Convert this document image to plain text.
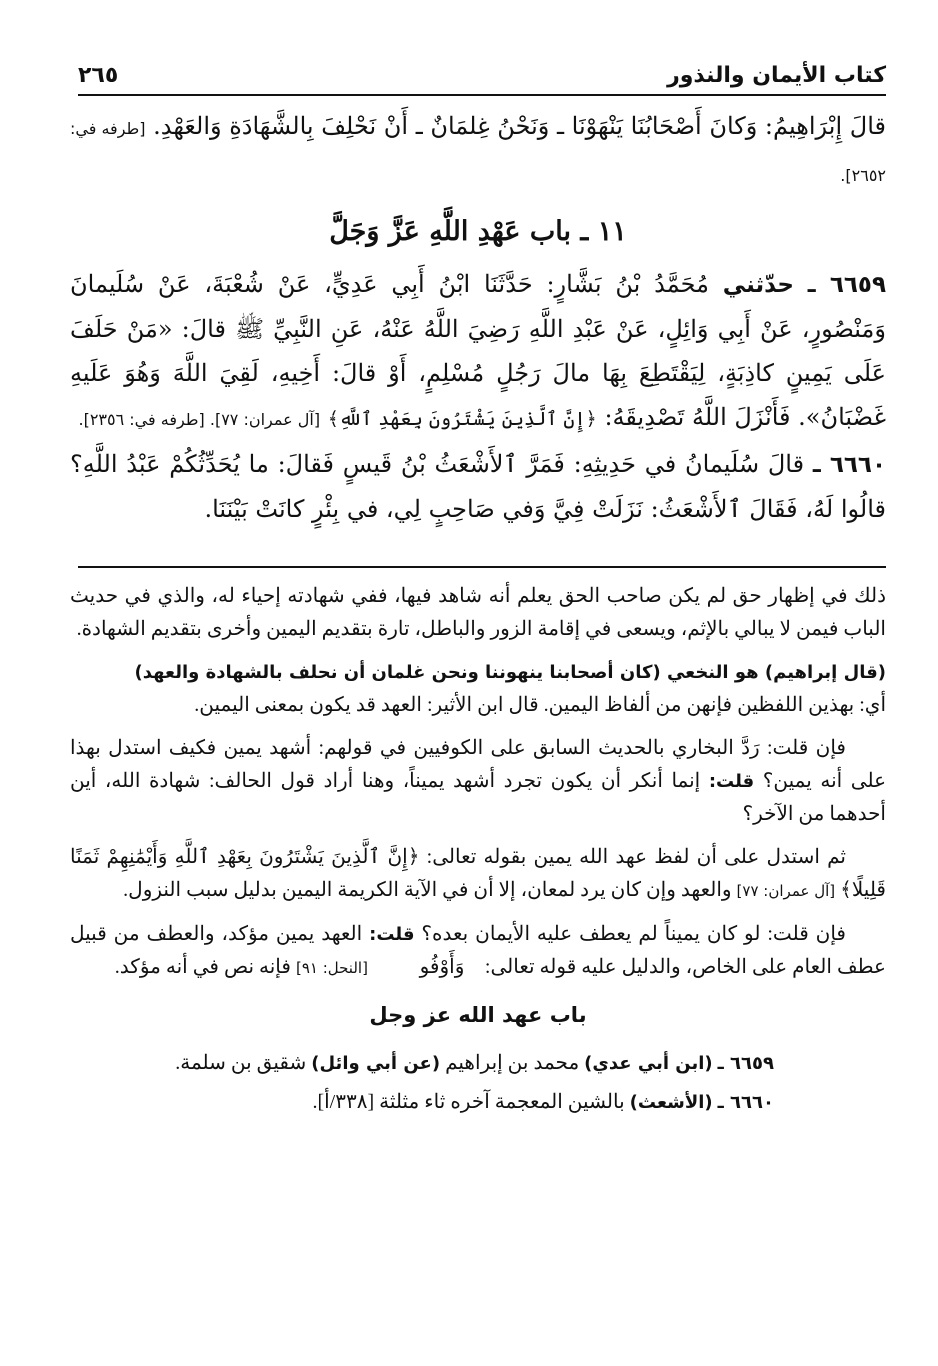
كتاب الأيمان والنذور
٢٦٥

قالَ إِبْرَاهِيمُ: وَكانَ أَصْحَابُنَا يَنْهَوْنَا ـ وَنَحْنُ غِلمَانٌ ـ أَنْ نَحْلِفَ بِالشَّهَادَةِ وَالعَهْدِ. [طرفه في: ٢٦٥٢].

١١ ـ باب عَهْدِ اللَّهِ عَزَّ وَجَلَّ

٦٦٥٩ ـ حدّثني مُحَمَّدُ بْنُ بَشَّارٍ: حَدَّثَنَا ابْنُ أَبِي عَدِيٍّ، عَنْ شُعْبَةَ، عَنْ سُلَيمانَ وَمَنْصُورٍ، عَنْ أَبِي وَائِلٍ، عَنْ عَبْدِ اللَّهِ رَضِيَ اللَّهُ عَنْهُ، عَنِ النَّبِيِّ ﷺ قالَ: «مَنْ حَلَفَ عَلَى يَمِينٍ كاذِبَةٍ، لِيَقْتَطِعَ بِهَا مالَ رَجُلٍ مُسْلِمٍ، أَوْ قالَ: أَخِيهِ، لَقِيَ اللَّهَ وَهُوَ عَلَيهِ غَضْبَانُ». فَأَنْزَلَ اللَّهُ تَصْدِيقَهُ: ﴿إِنَّ ٱلَّذِينَ يَشْتَرُونَ بِعَهْدِ ٱللَّهِ﴾ [آل عمران: ٧٧]. [طرفه في: ٢٣٥٦].

٦٦٦٠ ـ قالَ سُلَيمانُ في حَدِيثِهِ: فَمَرَّ ٱلأَشْعَثُ بْنُ قَيسٍ فَقالَ: ما يُحَدِّثُكُمْ عَبْدُ اللَّهِ؟ قالُوا لَهُ، فَقَالَ ٱلأَشْعَثُ: نَزَلَتْ فِيَّ وَفي صَاحِبٍ لِي، في بِئْرٍ كانَتْ بَيْنَنَا.

ذلك في إظهار حق لم يكن صاحب الحق يعلم أنه شاهد فيها، ففي شهادته إحياء له، والذي في حديث الباب فيمن لا يبالي بالإثم، ويسعى في إقامة الزور والباطل، تارة بتقديم اليمين وأخرى بتقديم الشهادة.

(قال إبراهيم) هو النخعي (كان أصحابنا ينهوننا ونحن غلمان أن نحلف بالشهادة والعهد)
أي: بهذين اللفظين فإنهن من ألفاظ اليمين. قال ابن الأثير: العهد قد يكون بمعنى اليمين.

فإن قلت: رَدَّ البخاري بالحديث السابق على الكوفيين في قولهم: أشهد يمين فكيف استدل بهذا على أنه يمين؟ قلت: إنما أنكر أن يكون تجرد أشهد يميناً، وهنا أراد قول الحالف: شهادة الله، أين أحدهما من الآخر؟

ثم استدل على أن لفظ عهد الله يمين بقوله تعالى: ﴿إِنَّ ٱلَّذِينَ يَشْتَرُونَ بِعَهْدِ ٱللَّهِ وَأَيْمَٰنِهِمْ ثَمَنًا قَلِيلًا﴾ [آل عمران: ٧٧] والعهد وإن كان يرد لمعان، إلا أن في الآية الكريمة اليمين بدليل سبب النزول.

فإن قلت: لو كان يميناً لم يعطف عليه الأيمان بعده؟ قلت: العهد يمين مؤكد، والعطف من قبيل عطف العام على الخاص، والدليل عليه قوله تعالى: ﴿وَأَوْفُوا۟﴾ [النحل: ٩١] فإنه نص في أنه مؤكد.

باب عهد الله عز وجل

٦٦٥٩ ـ (ابن أبي عدي) محمد بن إبراهيم (عن أبي وائل) شقيق بن سلمة.

٦٦٦٠ ـ (الأشعث) بالشين المعجمة آخره ثاء مثلثة [٣٣٨/أ].
